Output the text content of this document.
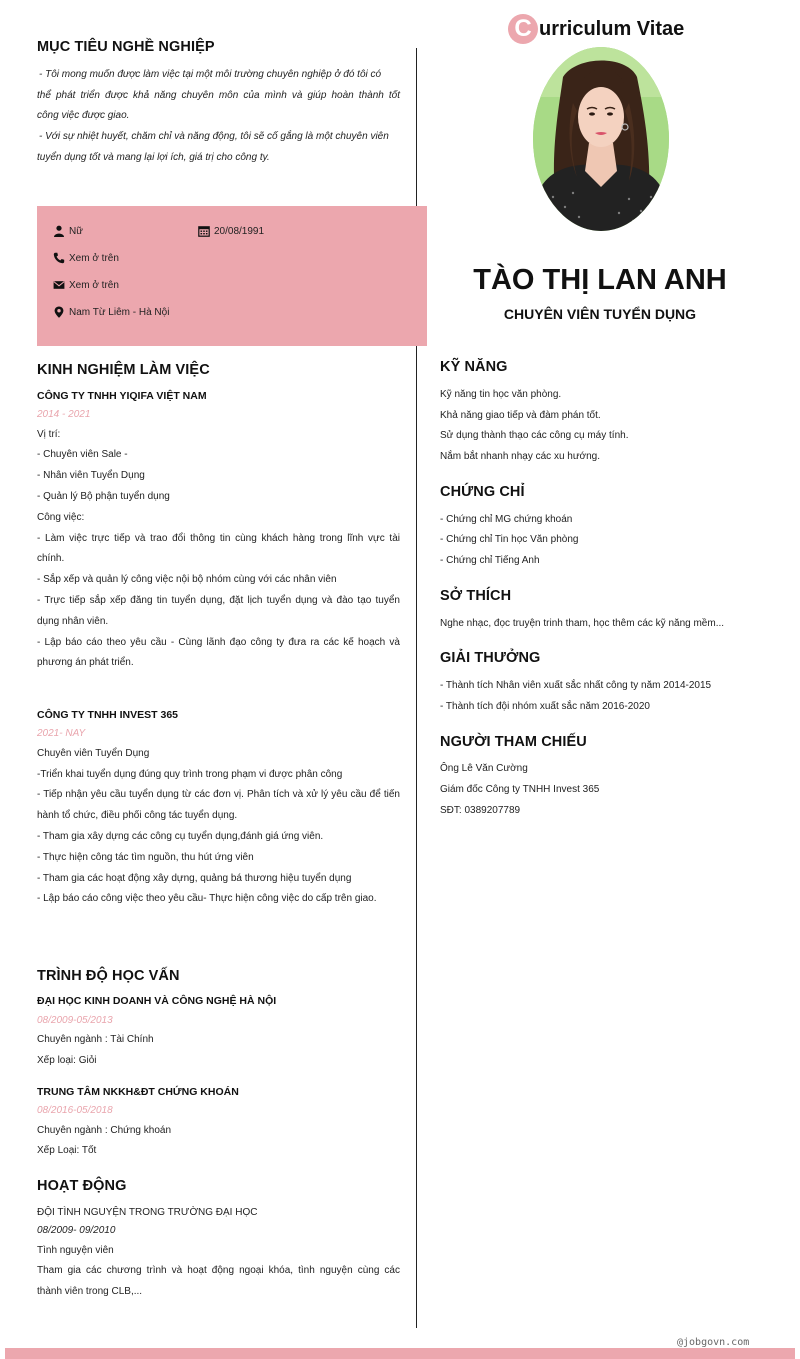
MỤC TIÊU NGHỀ NGHIỆP
- Tôi mong muốn được làm việc tại một môi trường chuyên nghiệp ở đó tôi có
thể phát triển được khả năng chuyên môn của mình và giúp hoàn thành tốt
công việc được giao.
- Với sự nhiệt huyết, chăm chỉ và năng động, tôi sẽ cố gắng là một chuyên viên
tuyển dụng tốt và mang lại lợi ích, giá trị cho công ty.
Nữ	20/08/1991
Xem ở trên
Xem ở trên
Nam Từ Liêm - Hà Nội
KINH NGHIỆM LÀM VIỆC
CÔNG TY TNHH YIQIFA VIỆT NAM
2014 - 2021
Vị trí:
- Chuyên viên Sale -
- Nhân viên Tuyển Dụng
- Quản lý Bộ phận tuyển dụng
Công việc:
- Làm việc trực tiếp và trao đổi thông tin cùng khách hàng trong lĩnh vực tài
chính.
- Sắp xếp và quản lý công việc nội bộ nhóm cùng với các nhân viên
- Trực tiếp sắp xếp đăng tin tuyển dụng, đặt lịch tuyển dụng và đào tạo tuyển
dụng nhân viên.
- Lập báo cáo theo yêu cầu - Cùng lãnh đạo công ty đưa ra các kế hoạch và
phương án phát triển.
CÔNG TY TNHH INVEST 365
2021- NAY
Chuyên viên Tuyển Dụng
-Triển khai tuyển dụng đúng quy trình trong phạm vi được phân công
- Tiếp nhận yêu cầu tuyển dụng từ các đơn vị. Phân tích và xử lý yêu cầu để tiến
hành tổ chức, điều phối công tác tuyển dụng.
- Tham gia xây dựng các công cụ tuyển dụng,đánh giá ứng viên.
- Thực hiện công tác tìm nguồn, thu hút ứng viên
- Tham gia các hoạt động xây dựng, quảng bá thương hiệu tuyển dụng
- Lập báo cáo công việc theo yêu cầu- Thực hiện công việc do cấp trên giao.
TRÌNH ĐỘ HỌC VẤN
ĐẠI HỌC KINH DOANH VÀ CÔNG NGHỆ HÀ NỘI
08/2009-05/2013
Chuyên ngành : Tài Chính
Xếp loại: Giỏi
TRUNG TÂM NKKH&ĐT CHỨNG KHOÁN
08/2016-05/2018
Chuyên ngành : Chứng khoán
Xếp Loại: Tốt
HOẠT ĐỘNG
ĐỘI TÌNH NGUYỆN TRONG TRƯỜNG ĐẠI HỌC
08/2009- 09/2010
Tình nguyện viên
Tham gia các chương trình và hoạt động ngoại khóa, tình nguyện cùng các
thành viên trong CLB,...
C urriculum Vitae
TÀO THỊ LAN ANH
CHUYÊN VIÊN TUYỂN DỤNG
KỸ NĂNG
Kỹ năng tin học văn phòng.
Khả năng giao tiếp và đàm phán tốt.
Sử dụng thành thạo các công cụ máy tính.
Nắm bắt nhanh nhạy các xu hướng.
CHỨNG CHỈ
- Chứng chỉ MG chứng khoán
- Chứng chỉ Tin học Văn phòng
- Chứng chỉ Tiếng Anh
SỞ THÍCH
Nghe nhạc, đọc truyện trinh tham, học thêm các kỹ năng mềm...
GIẢI THƯỞNG
- Thành tích Nhân viên xuất sắc nhất công ty năm 2014-2015
- Thành tích đội nhóm xuất sắc năm 2016-2020
NGƯỜI THAM CHIẾU
Ông Lê Văn Cường
Giám đốc Công ty TNHH Invest 365
SĐT: 0389207789
@jobgovn.com
